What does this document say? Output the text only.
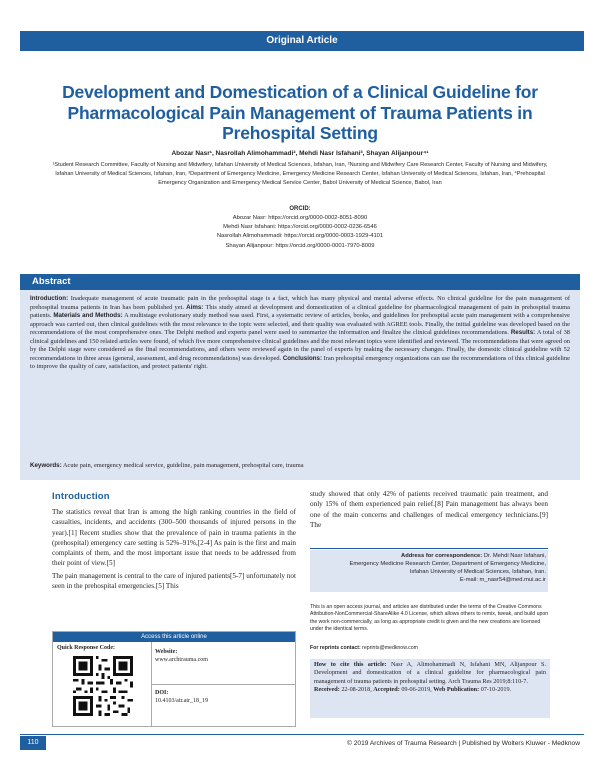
Original Article
Development and Domestication of a Clinical Guideline for Pharmacological Pain Management of Trauma Patients in Prehospital Setting
Abozar Nasr¹, Nasrollah Alimohammadi², Mehdi Nasr Isfahani³, Shayan Alijanpour⁴¹
¹Student Research Committee, Faculty of Nursing and Midwifery, Isfahan University of Medical Sciences, Isfahan, Iran, ²Nursing and Midwifery Care Research Center, Faculty of Nursing and Midwifery, Isfahan University of Medical Sciences, Isfahan, Iran, ³Department of Emergency Medicine, Emergency Medicine Research Center, Isfahan University of Medical Sciences, Isfahan, Iran, ⁴Prehospital Emergency Organization and Emergency Medical Service Center, Babol University of Medical Science, Babol, Iran
ORCID:
Abozar Nasr: https://orcid.org/0000-0002-8051-8090
Mehdi Nasr Isfahani: https://orcid.org/0000-0002-0236-6546
Nasrollah Alimohammadi: https://orcid.org/0000-0003-1929-4101
Shayan Alijanpour: https://orcid.org/0000-0001-7970-8009
Abstract
Introduction: Inadequate management of acute traumatic pain in the prehospital stage is a fact, which has many physical and mental adverse effects. No clinical guideline for the pain management of prehospital trauma patients in Iran has been published yet. Aims: This study aimed at development and domestication of a clinical guideline for pharmacological management of pain in prehospital trauma patients. Materials and Methods: A multistage evolutionary study method was used. First, a systematic review of articles, books, and guidelines for prehospital acute pain management with a comprehensive approach was carried out, then clinical guidelines with the most relevance to the topic were selected, and their quality was evaluated with AGREE tools. Finally, the initial guideline was developed based on the recommendations of the most comprehensive ones. The Delphi method and experts panel were used to summarize the information and finalize the clinical guidelines recommendations. Results: A total of 38 clinical guidelines and 150 related articles were found, of which five more comprehensive clinical guidelines and the most relevant topics were identified and reviewed. The recommendations that were agreed on by the Delphi stage were considered as the final recommendations, and others were reviewed again in the panel of experts by making the necessary changes. Finally, the domestic clinical guideline with 52 recommendations in three areas (general, assessment, and drug recommendations) was developed. Conclusions: Iran prehospital emergency organizations can use the recommendations of this clinical guideline to improve the quality of care, satisfaction, and protect patients' right.
Keywords: Acute pain, emergency medical service, guideline, pain management, prehospital care, trauma
Introduction

The statistics reveal that Iran is among the high ranking countries in the field of casualties, incidents, and accidents (300–500 thousands of injured persons in the year).[1] Recent studies show that the prevalence of pain in trauma patients in the (prehospital) emergency care setting is 52%–91%,[2-4] As pain is the first and main complaints of them, and the most important issue that needs to be addressed from their point of view.[5]

The pain management is central to the care of injured patients[5-7] unfortunately not seen in the prehospital emergencies.[5] This

study showed that only 42% of patients received traumatic pain treatment, and only 15% of them experienced pain relief.[8] Pain management has always been one of the main concerns and challenges of medical emergency technicians.[9] The

Access this article online
Quick Response Code:
Website:
www.archtrauma.com
DOI:
10.4103/atr.atr_18_19
Address for correspondence: Dr. Mehdi Nasr Isfahani,
Emergency Medicine Research Center, Department of Emergency Medicine,
Isfahan University of Medical Sciences, Isfahan, Iran.
E-mail: m_nasr54@med.mui.ac.ir
This is an open access journal, and articles are distributed under the terms of the Creative Commons Attribution-NonCommercial-ShareAlike 4.0 License, which allows others to remix, tweak, and build upon the work non-commercially, as long as appropriate credit is given and the new creations are licensed under the identical terms.
For reprints contact: reprints@medknow.com
How to cite this article: Nasr A, Alimohammadi N, Isfahani MN, Alijanpour S. Development and domestication of a clinical guideline for pharmacological pain management of trauma patients in prehospital setting. Arch Trauma Res 2019;8:110-7.
Received: 22-08-2018, Accepted: 09-06-2019, Web Publication: 07-10-2019.
110	© 2019 Archives of Trauma Research | Published by Wolters Kluwer - Medknow
